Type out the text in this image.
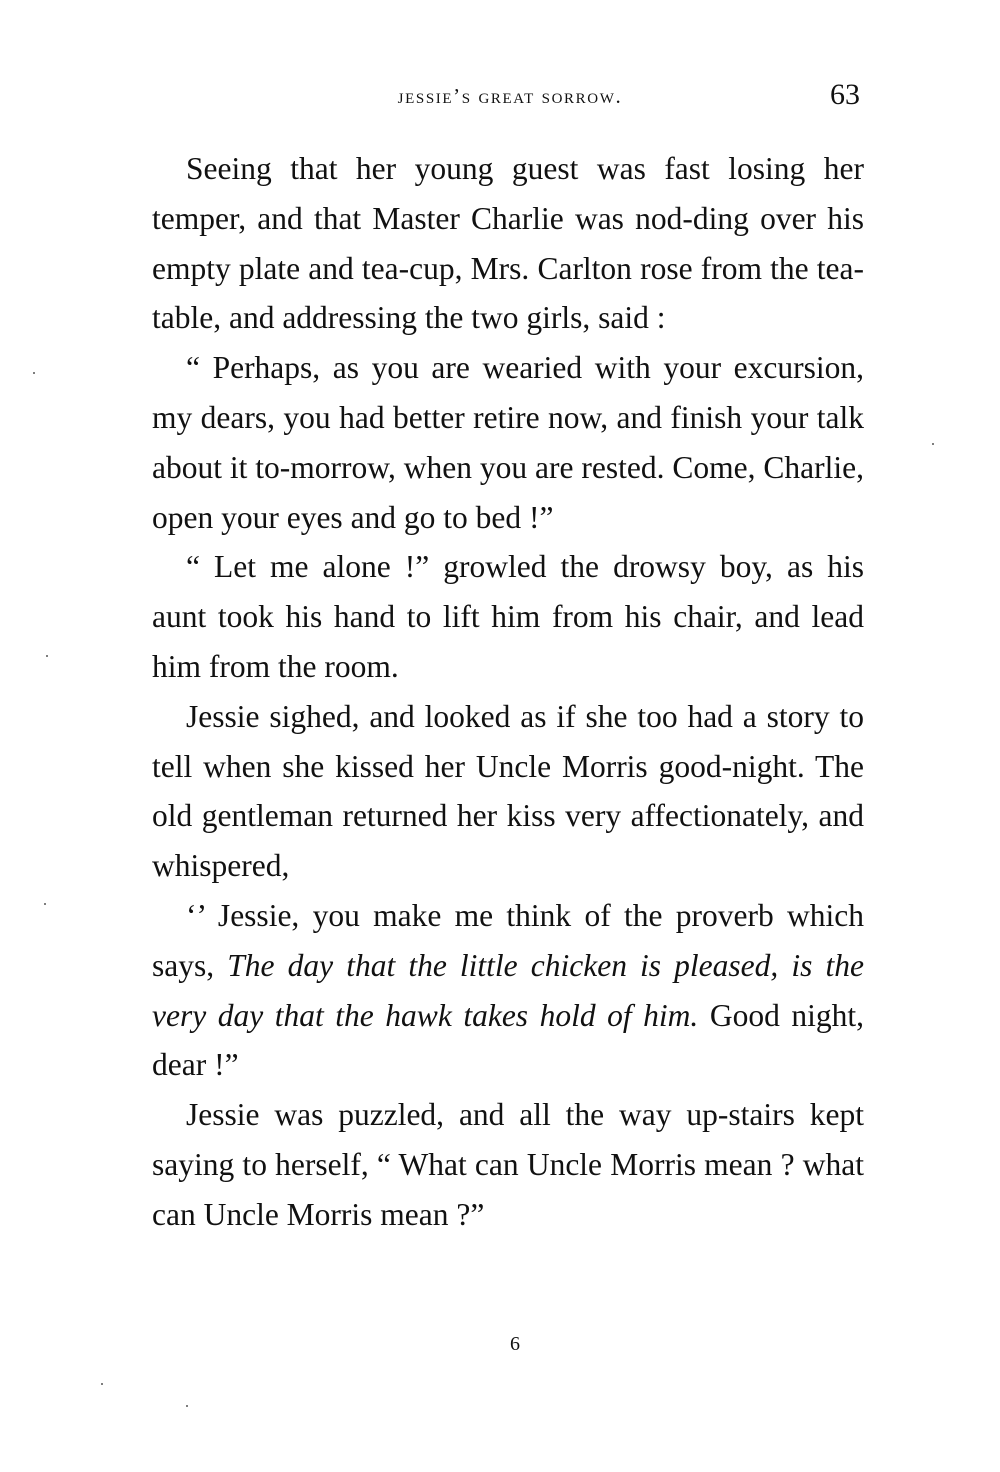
jessie’s great sorrow.	63

Seeing that her young guest was fast losing her temper, and that Master Charlie was nod-ding over his empty plate and tea-cup, Mrs. Carlton rose from the tea-table, and addressing the two girls, said :

“ Perhaps, as you are wearied with your excursion, my dears, you had better retire now, and finish your talk about it to-morrow, when you are rested. Come, Charlie, open your eyes and go to bed !”

“ Let me alone !” growled the drowsy boy, as his aunt took his hand to lift him from his chair, and lead him from the room.

Jessie sighed, and looked as if she too had a story to tell when she kissed her Uncle Morris good-night. The old gentleman returned her kiss very affectionately, and whispered,

‘’ Jessie, you make me think of the proverb which says, The day that the little chicken is pleased, is the very day that the hawk takes hold of him. Good night, dear !”

Jessie was puzzled, and all the way up-stairs kept saying to herself, “ What can Uncle Morris mean ? what can Uncle Morris mean ?”

6
